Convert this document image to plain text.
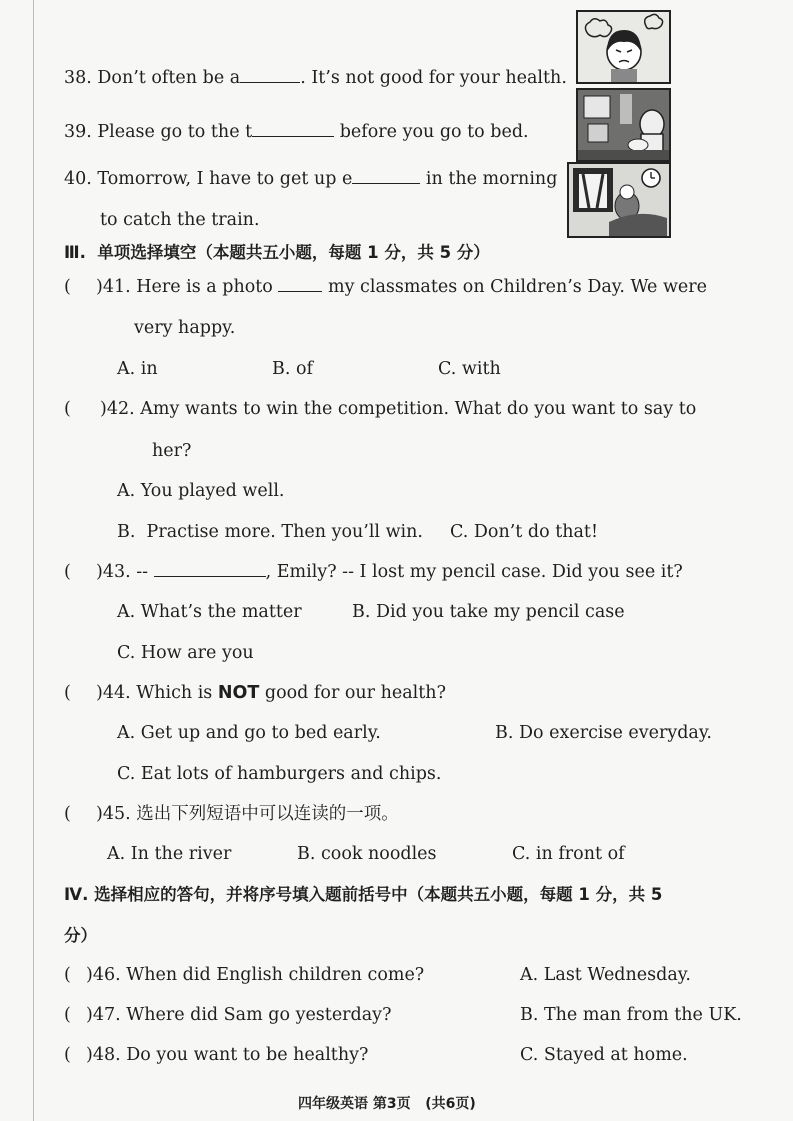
38. Don’t often be a	. It’s not good for your health.
39. Please go to the t	before you go to bed.
40. Tomorrow, I have to get up e	in the morning
to catch the train.
Ⅲ.  单项选择填空（本题共五小题，每题 1 分，共 5 分）
( )41. Here is a photo	my classmates on Children’s Day. We were
very happy.
A. in	B. of	C. with
( )42. Amy wants to win the competition. What do you want to say to
her?
A. You played well.
B.  Practise more. Then you’ll win. C. Don’t do that!
( )43. --	, Emily? -- I lost my pencil case. Did you see it?
A. What’s the matter	B. Did you take my pencil case
C. How are you
( )44. Which is NOT good for our health?
A. Get up and go to bed early.	B. Do exercise everyday.
C. Eat lots of hamburgers and chips.
( )45. 选出下列短语中可以连读的一项。
A. In the river	B. cook noodles	C. in front of
Ⅳ. 选择相应的答句，并将序号填入题前括号中（本题共五小题，每题 1 分，共 5
分）
( )46. When did English children come?	A. Last Wednesday.
( )47. Where did Sam go yesterday?	B. The man from the UK.
( )48. Do you want to be healthy?	C. Stayed at home.
四年级英语 第3页   (共6页)
